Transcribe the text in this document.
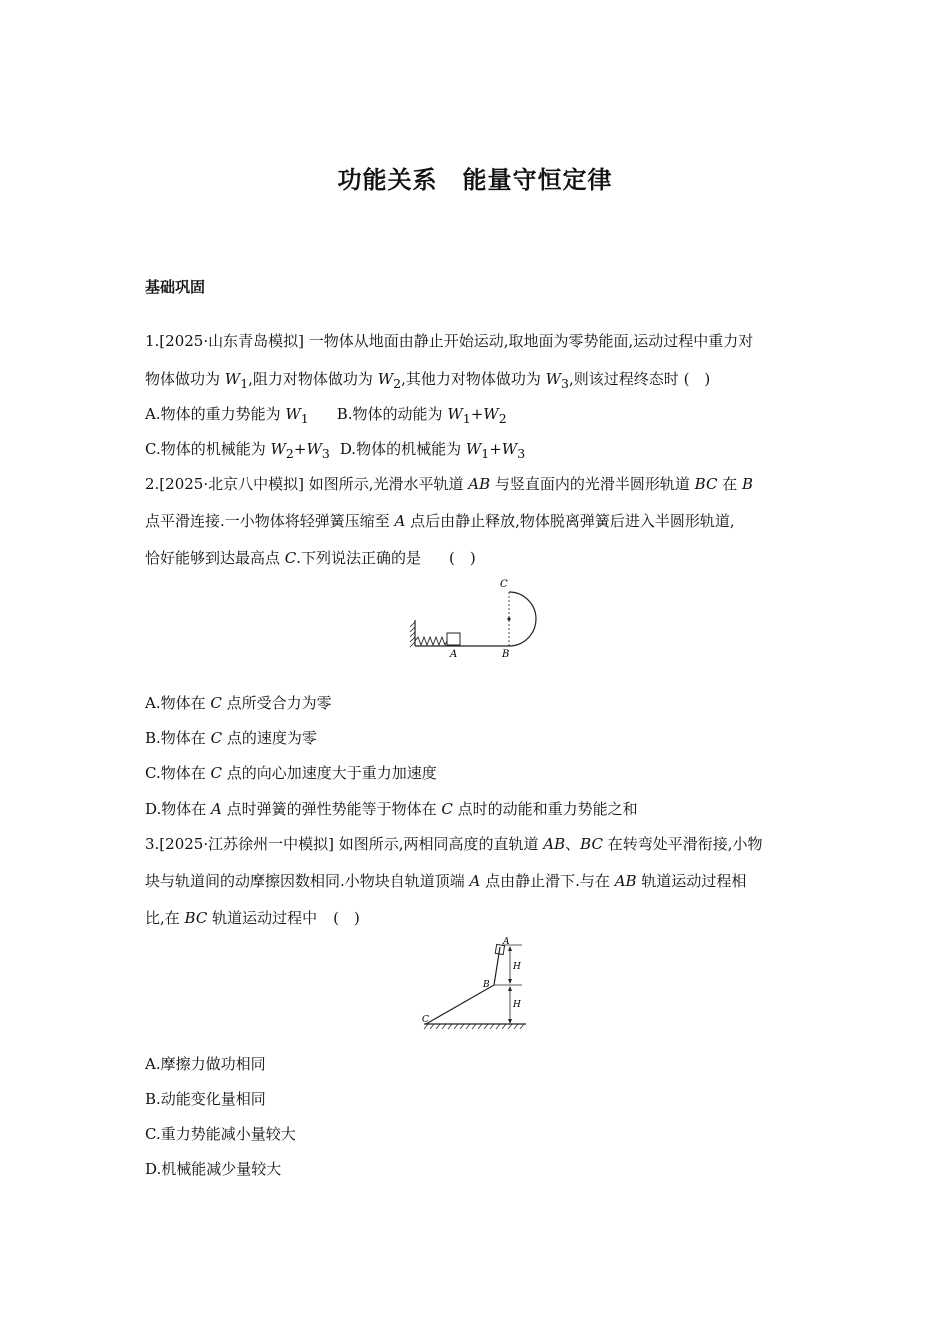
功能关系　能量守恒定律
基础巩固
1.[2025·山东青岛模拟] 一物体从地面由静止开始运动,取地面为零势能面,运动过程中重力对
物体做功为 $W_1$,阻力对物体做功为 $W_2$,其他力对物体做功为 $W_3$,则该过程终态时 (　)
A.物体的重力势能为 $W_1$ B.物体的动能为 $W_1+W_2$
C.物体的机械能为 $W_2+W_3$ D.物体的机械能为 $W_1+W_3$
2.[2025·北京八中模拟] 如图所示,光滑水平轨道 AB 与竖直面内的光滑半圆形轨道 BC 在 B
点平滑连接.一小物体将轻弹簧压缩至 A 点后由静止释放,物体脱离弹簧后进入半圆形轨道,
恰好能够到达最高点 C.下列说法正确的是 (　)
C
A	B
A.物体在 C 点所受合力为零
B.物体在 C 点的速度为零
C.物体在 C 点的向心加速度大于重力加速度
D.物体在 A 点时弹簧的弹性势能等于物体在 C 点时的动能和重力势能之和
3.[2025·江苏徐州一中模拟] 如图所示,两相同高度的直轨道 AB、BC 在转弯处平滑衔接,小物
块与轨道间的动摩擦因数相同.小物块自轨道顶端 A 点由静止滑下.与在 AB 轨道运动过程相
比,在 BC 轨道运动过程中 (　)
A
B
C
H
H
A.摩擦力做功相同
B.动能变化量相同
C.重力势能减小量较大
D.机械能减少量较大
